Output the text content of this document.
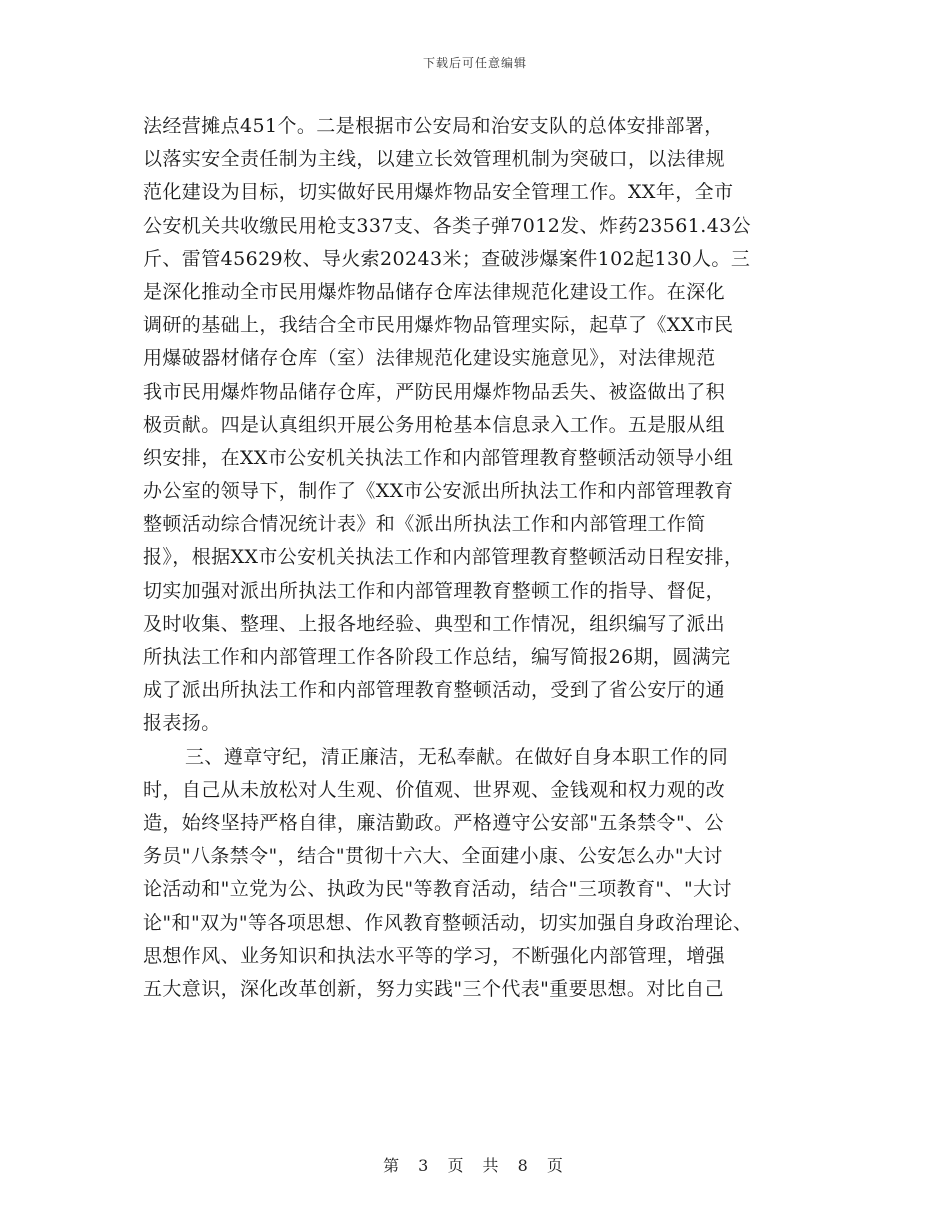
下载后可任意编辑
法经营摊点451个。二是根据市公安局和治安支队的总体安排部署，
以落实安全责任制为主线，以建立长效管理机制为突破口，以法律规
范化建设为目标，切实做好民用爆炸物品安全管理工作。XX年，全市
公安机关共收缴民用枪支337支、各类子弹7012发、炸药23561.43公
斤、雷管45629枚、导火索20243米；查破涉爆案件102起130人。三
是深化推动全市民用爆炸物品储存仓库法律规范化建设工作。在深化
调研的基础上，我结合全市民用爆炸物品管理实际，起草了《XX市民
用爆破器材储存仓库（室）法律规范化建设实施意见》，对法律规范
我市民用爆炸物品储存仓库，严防民用爆炸物品丢失、被盗做出了积
极贡献。四是认真组织开展公务用枪基本信息录入工作。五是服从组
织安排，在XX市公安机关执法工作和内部管理教育整顿活动领导小组
办公室的领导下，制作了《XX市公安派出所执法工作和内部管理教育
整顿活动综合情况统计表》和《派出所执法工作和内部管理工作简
报》，根据XX市公安机关执法工作和内部管理教育整顿活动日程安排，
切实加强对派出所执法工作和内部管理教育整顿工作的指导、督促，
及时收集、整理、上报各地经验、典型和工作情况，组织编写了派出
所执法工作和内部管理工作各阶段工作总结，编写简报26期，圆满完
成了派出所执法工作和内部管理教育整顿活动，受到了省公安厅的通
报表扬。
三、遵章守纪，清正廉洁，无私奉献。在做好自身本职工作的同
时，自己从未放松对人生观、价值观、世界观、金钱观和权力观的改
造，始终坚持严格自律，廉洁勤政。严格遵守公安部"五条禁令"、公
务员"八条禁令"，结合"贯彻十六大、全面建小康、公安怎么办"大讨
论活动和"立党为公、执政为民"等教育活动，结合"三项教育"、"大讨
论"和"双为"等各项思想、作风教育整顿活动，切实加强自身政治理论、
思想作风、业务知识和执法水平等的学习，不断强化内部管理，增强
五大意识，深化改革创新，努力实践"三个代表"重要思想。对比自己
第 3 页 共 8 页
